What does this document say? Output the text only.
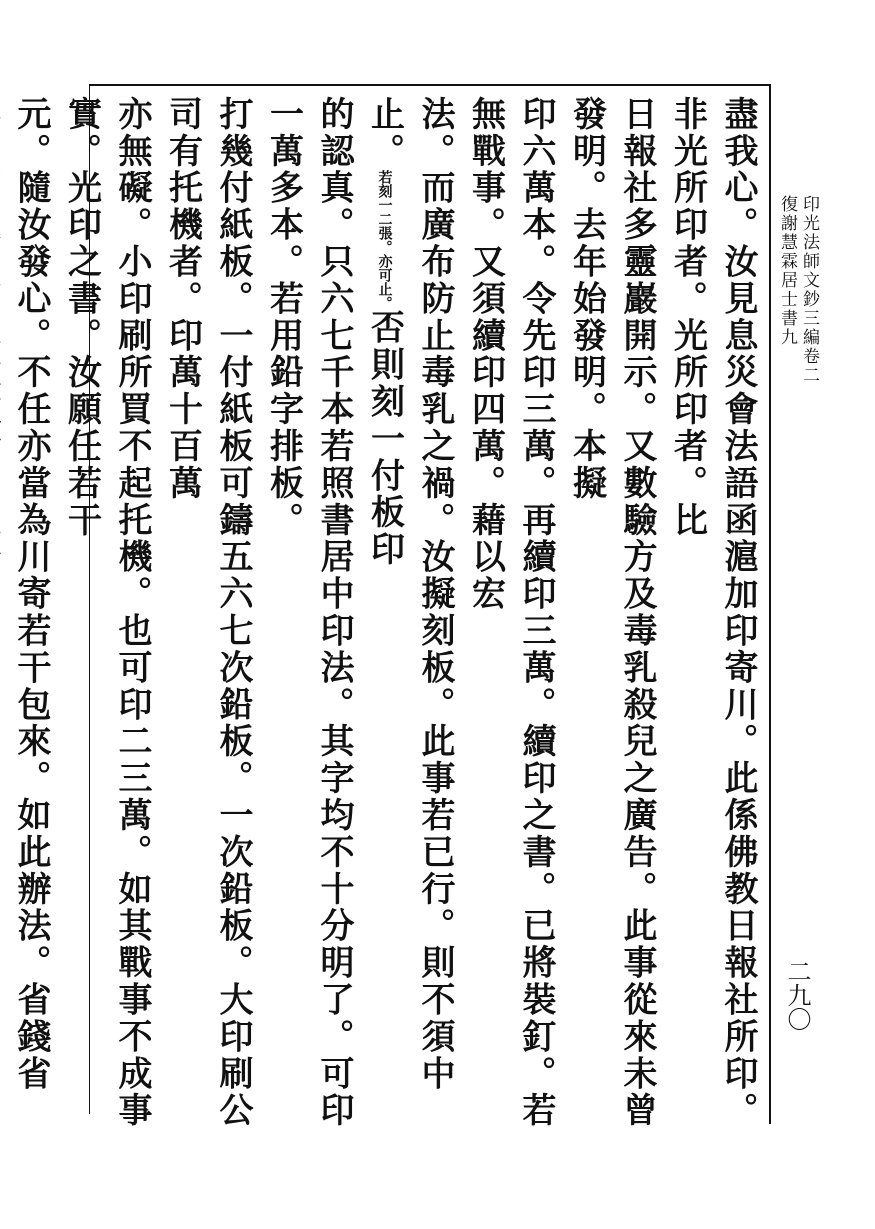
印光法師文鈔三編卷二
復謝慧霖居士書九
二九〇
盡我心。汝見息災會法語函滬加印寄川。此係佛教日報社所印。非光所印者。光所印者。比
日報社多靈巖開示。又數驗方及毒乳殺兒之廣告。此事從來未曾發明。去年始發明。本擬
印六萬本。令先印三萬。再續印三萬。續印之書。已將裝釘。若無戰事。又須續印四萬。藉以宏
法。而廣布防止毒乳之禍。汝擬刻板。此事若已行。則不須中止。若刻一二張。亦可止。否則刻一付板印
的認真。只六七千本若照書居中印法。其字均不十分明了。可印一萬多本。若用鉛字排板。
打幾付紙板。一付紙板可鑄五六七次鉛板。一次鉛板。大印刷公司有托機者。印萬十百萬
亦無礙。小印刷所買不起托機。也可印二三萬。如其戰事不成事實。光印之書。汝願任若干
元。隨汝發心。不任亦當為川寄若干包來。如此辦法。省錢省
